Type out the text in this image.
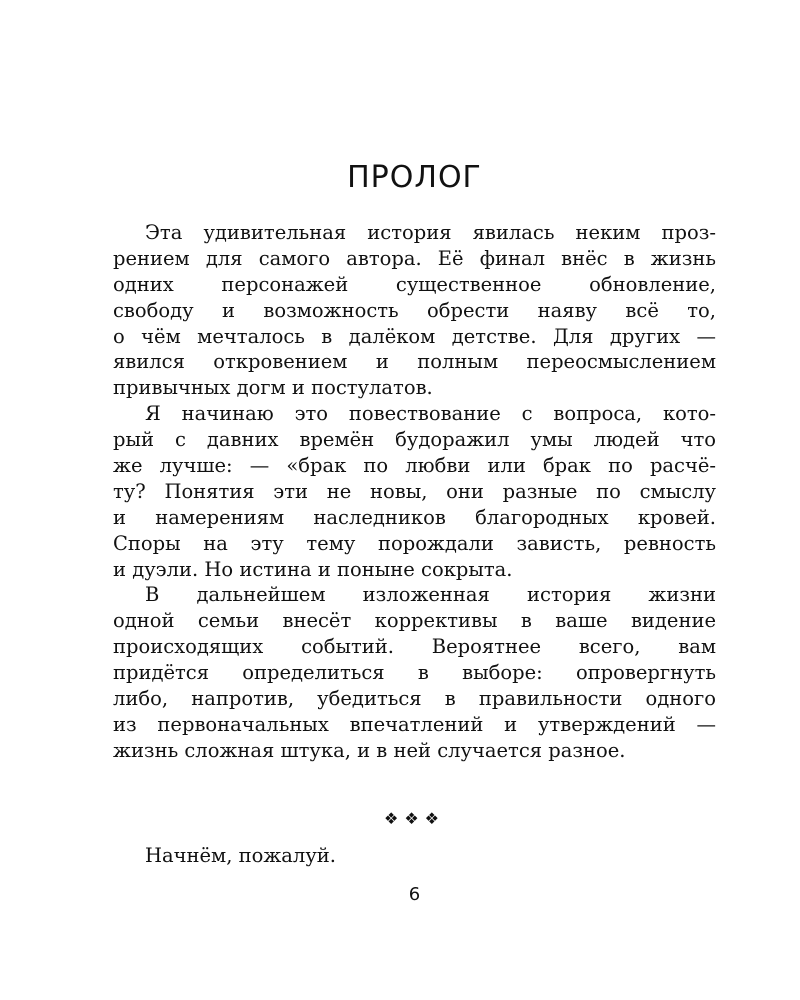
ПРОЛОГ
Эта удивительная история явилась неким проз-
рением для самого автора. Её финал внёс в жизнь
одних персонажей существенное обновление,
свободу и возможность обрести наяву всё то,
о чём мечталось в далёком детстве. Для других —
явился откровением и полным переосмыслением
привычных догм и постулатов.
Я начинаю это повествование с вопроса, кото-
рый с давних времён будоражил умы людей что
же лучше: — «брак по любви или брак по расчё-
ту? Понятия эти не новы, они разные по смыслу
и намерениям наследников благородных кровей.
Споры на эту тему порождали зависть, ревность
и дуэли. Но истина и поныне сокрыта.
В дальнейшем изложенная история жизни
одной семьи внесёт коррективы в ваше видение
происходящих событий. Вероятнее всего, вам
придётся определиться в выборе: опровергнуть
либо, напротив, убедиться в правильности одного
из первоначальных впечатлений и утверждений —
жизнь сложная штука, и в ней случается разное.
❖❖❖
Начнём, пожалуй.
6
